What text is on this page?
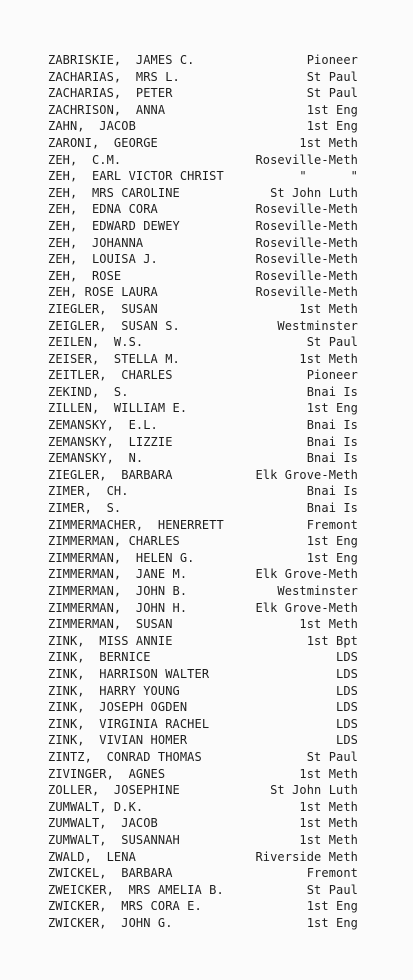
ZABRISKIE,  JAMES C.	Pioneer
ZACHARIAS,  MRS L.	St Paul
ZACHARIAS,  PETER	St Paul
ZACHRISON,  ANNA	1st Eng
ZAHN,  JACOB	1st Eng
ZARONI,  GEORGE	1st Meth
ZEH,  C.M.	Roseville-Meth
ZEH,  EARL VICTOR CHRIST	"      "
ZEH,  MRS CAROLINE	St John Luth
ZEH,  EDNA CORA	Roseville-Meth
ZEH,  EDWARD DEWEY	Roseville-Meth
ZEH,  JOHANNA	Roseville-Meth
ZEH,  LOUISA J.	Roseville-Meth
ZEH,  ROSE	Roseville-Meth
ZEH, ROSE LAURA	Roseville-Meth
ZIEGLER,  SUSAN	1st Meth
ZEIGLER,  SUSAN S.	Westminster
ZEILEN,  W.S.	St Paul
ZEISER,  STELLA M.	1st Meth
ZEITLER,  CHARLES	Pioneer
ZEKIND,  S.	Bnai Is
ZILLEN,  WILLIAM E.	1st Eng
ZEMANSKY,  E.L.	Bnai Is
ZEMANSKY,  LIZZIE	Bnai Is
ZEMANSKY,  N.	Bnai Is
ZIEGLER,  BARBARA	Elk Grove-Meth
ZIMER,  CH.	Bnai Is
ZIMER,  S.	Bnai Is
ZIMMERMACHER,  HENERRETT	Fremont
ZIMMERMAN, CHARLES	1st Eng
ZIMMERMAN,  HELEN G.	1st Eng
ZIMMERMAN,  JANE M.	Elk Grove-Meth
ZIMMERMAN,  JOHN B.	Westminster
ZIMMERMAN,  JOHN H.	Elk Grove-Meth
ZIMMERMAN,  SUSAN	1st Meth
ZINK,  MISS ANNIE	1st Bpt
ZINK,  BERNICE	LDS
ZINK,  HARRISON WALTER	LDS
ZINK,  HARRY YOUNG	LDS
ZINK,  JOSEPH OGDEN	LDS
ZINK,  VIRGINIA RACHEL	LDS
ZINK,  VIVIAN HOMER	LDS
ZINTZ,  CONRAD THOMAS	St Paul
ZIVINGER,  AGNES	1st Meth
ZOLLER,  JOSEPHINE	St John Luth
ZUMWALT, D.K.	1st Meth
ZUMWALT,  JACOB	1st Meth
ZUMWALT,  SUSANNAH	1st Meth
ZWALD,  LENA	Riverside Meth
ZWICKEL,  BARBARA	Fremont
ZWEICKER,  MRS AMELIA B.	St Paul
ZWICKER,  MRS CORA E.	1st Eng
ZWICKER,  JOHN G.	1st Eng
